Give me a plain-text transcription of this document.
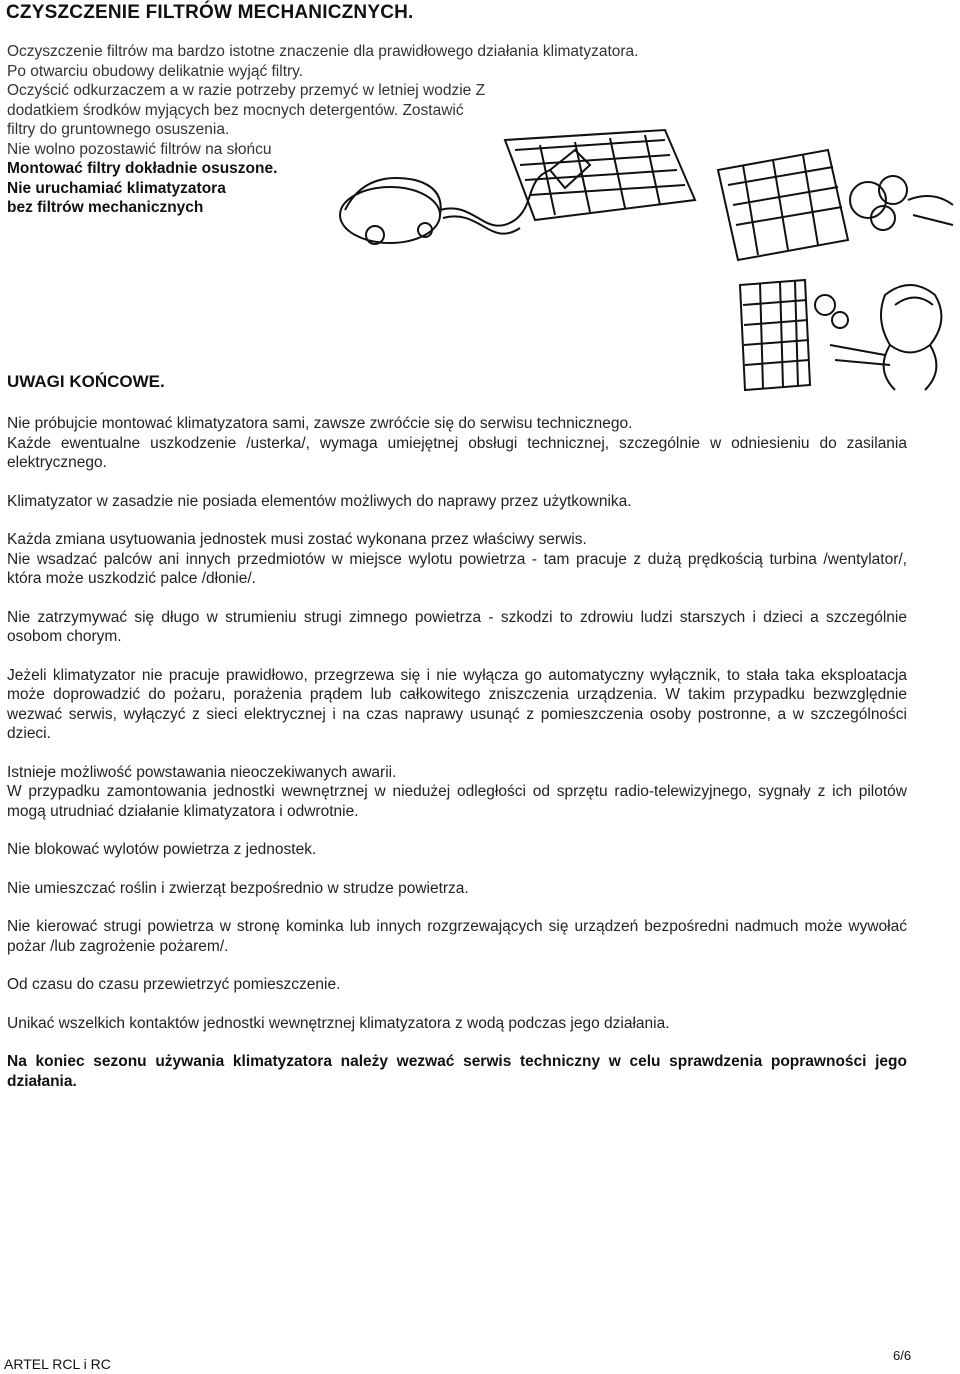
CZYSZCZENIE FILTRÓW MECHANICZNYCH.
Oczyszczenie filtrów ma bardzo istotne znaczenie dla prawidłowego działania klimatyzatora.
Po otwarciu obudowy delikatnie wyjąć filtry.
Oczyścić odkurzaczem a w razie potrzeby przemyć w letniej wodzie Z
dodatkiem środków myjących bez mocnych detergentów. Zostawić
filtry do gruntownego osuszenia.
Nie wolno pozostawić filtrów na słońcu
Montować filtry dokładnie osuszone.
Nie uruchamiać klimatyzatora
bez filtrów mechanicznych
UWAGI KOŃCOWE.

Nie próbujcie montować klimatyzatora sami, zawsze zwróćcie się do serwisu technicznego.
Każde ewentualne uszkodzenie /usterka/, wymaga umiejętnej obsługi technicznej, szczególnie w odniesieniu do zasilania elektrycznego.

Klimatyzator w zasadzie nie posiada elementów możliwych do naprawy przez użytkownika.

Każda zmiana usytuowania jednostek musi zostać wykonana przez właściwy serwis.
Nie wsadzać palców ani innych przedmiotów w miejsce wylotu powietrza - tam pracuje z dużą prędkością turbina /wentylator/, która może uszkodzić palce /dłonie/.

Nie zatrzymywać się długo w strumieniu strugi zimnego powietrza - szkodzi to zdrowiu ludzi starszych i dzieci a szczególnie osobom chorym.

Jeżeli klimatyzator nie pracuje prawidłowo, przegrzewa się i nie wyłącza go automatyczny wyłącznik, to stała taka eksploatacja może doprowadzić do pożaru, porażenia prądem lub całkowitego zniszczenia urządzenia. W takim przypadku bezwzględnie wezwać serwis, wyłączyć z sieci elektrycznej i na czas naprawy usunąć z pomieszczenia osoby postronne, a w szczególności dzieci.

Istnieje możliwość powstawania nieoczekiwanych awarii.
W przypadku zamontowania jednostki wewnętrznej w niedużej odległości od sprzętu radio-telewizyjnego, sygnały z ich pilotów mogą utrudniać działanie klimatyzatora i odwrotnie.

Nie blokować wylotów powietrza z jednostek.

Nie umieszczać roślin i zwierząt bezpośrednio w strudze powietrza.

Nie kierować strugi powietrza w stronę kominka lub innych rozgrzewających się urządzeń bezpośredni nadmuch może wywołać pożar /lub zagrożenie pożarem/.

Od czasu do czasu przewietrzyć pomieszczenie.

Unikać wszelkich kontaktów jednostki wewnętrznej klimatyzatora z wodą podczas jego działania.

Na koniec sezonu używania klimatyzatora należy wezwać serwis techniczny w celu sprawdzenia poprawności jego działania.

ARTEL RCL i RC
6/6
